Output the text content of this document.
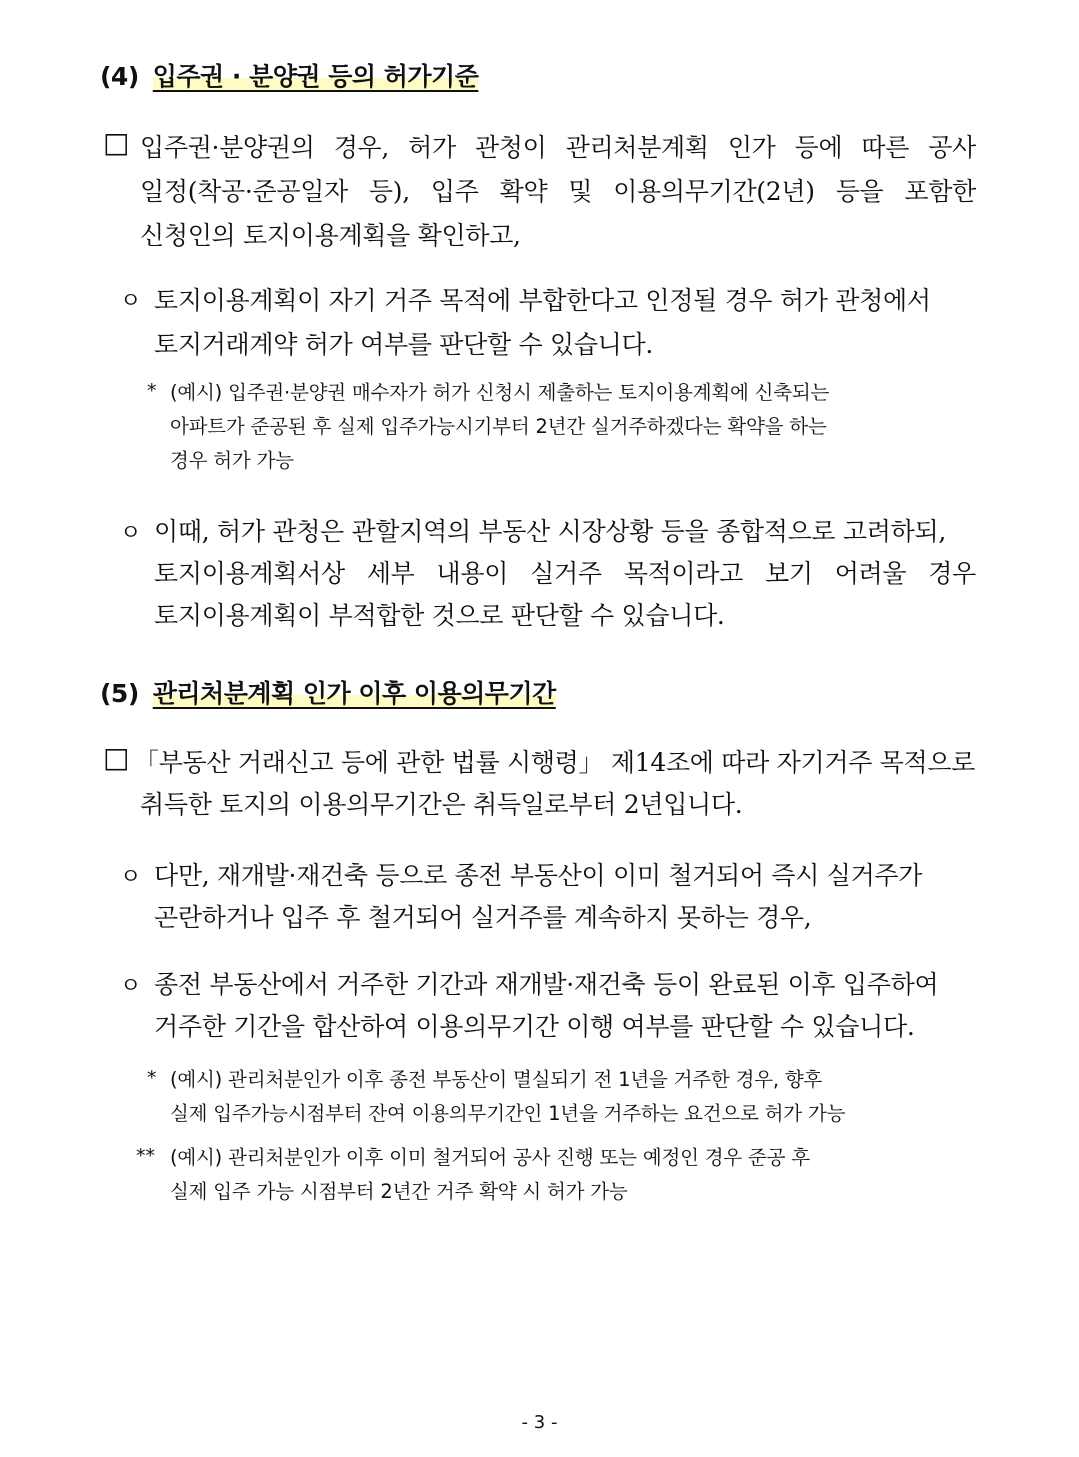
(4) 입주권 · 분양권 등의 허가기준
□ 입주권·분양권의 경우, 허가 관청이 관리처분계획 인가 등에 따른 공사
일정(착공·준공일자 등), 입주 확약 및 이용의무기간(2년) 등을 포함한
신청인의 토지이용계획을 확인하고,
ㅇ 토지이용계획이 자기 거주 목적에 부합한다고 인정될 경우 허가 관청에서
토지거래계약 허가 여부를 판단할 수 있습니다.
* (예시) 입주권·분양권 매수자가 허가 신청시 제출하는 토지이용계획에 신축되는
아파트가 준공된 후 실제 입주가능시기부터 2년간 실거주하겠다는 확약을 하는
경우 허가 가능
ㅇ 이때, 허가 관청은 관할지역의 부동산 시장상황 등을 종합적으로 고려하되,
토지이용계획서상 세부 내용이 실거주 목적이라고 보기 어려울 경우
토지이용계획이 부적합한 것으로 판단할 수 있습니다.
(5) 관리처분계획 인가 이후 이용의무기간
□ 「부동산 거래신고 등에 관한 법률 시행령」 제14조에 따라 자기거주 목적으로
취득한 토지의 이용의무기간은 취득일로부터 2년입니다.
ㅇ 다만, 재개발·재건축 등으로 종전 부동산이 이미 철거되어 즉시 실거주가
곤란하거나 입주 후 철거되어 실거주를 계속하지 못하는 경우,
ㅇ 종전 부동산에서 거주한 기간과 재개발·재건축 등이 완료된 이후 입주하여
거주한 기간을 합산하여 이용의무기간 이행 여부를 판단할 수 있습니다.
* (예시) 관리처분인가 이후 종전 부동산이 멸실되기 전 1년을 거주한 경우, 향후
실제 입주가능시점부터 잔여 이용의무기간인 1년을 거주하는 요건으로 허가 가능
** (예시) 관리처분인가 이후 이미 철거되어 공사 진행 또는 예정인 경우 준공 후
실제 입주 가능 시점부터 2년간 거주 확약 시 허가 가능
- 3 -
